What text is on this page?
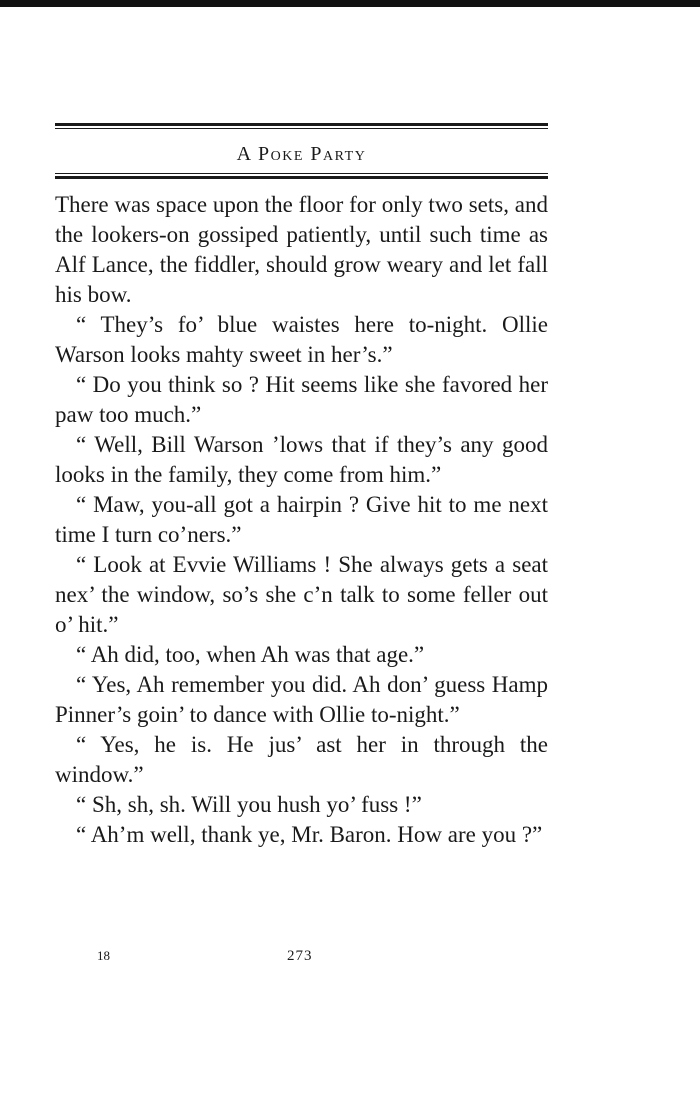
A Poke Party

There was space upon the floor for only two sets, and the lookers-on gossiped patiently, until such time as Alf Lance, the fiddler, should grow weary and let fall his bow.

“ They’s fo’ blue waistes here to-night. Ollie Warson looks mahty sweet in her’s.”

“ Do you think so ? Hit seems like she favored her paw too much.”

“ Well, Bill Warson ’lows that if they’s any good looks in the family, they come from him.”

“ Maw, you-all got a hairpin ? Give hit to me next time I turn co’ners.”

“ Look at Evvie Williams ! She always gets a seat nex’ the window, so’s she c’n talk to some feller out o’ hit.”

“ Ah did, too, when Ah was that age.”

“ Yes, Ah remember you did. Ah don’ guess Hamp Pinner’s goin’ to dance with Ollie to-night.”

“ Yes, he is. He jus’ ast her in through the window.”

“ Sh, sh, sh. Will you hush yo’ fuss !”

“ Ah’m well, thank ye, Mr. Baron. How are you ?”

18	273
